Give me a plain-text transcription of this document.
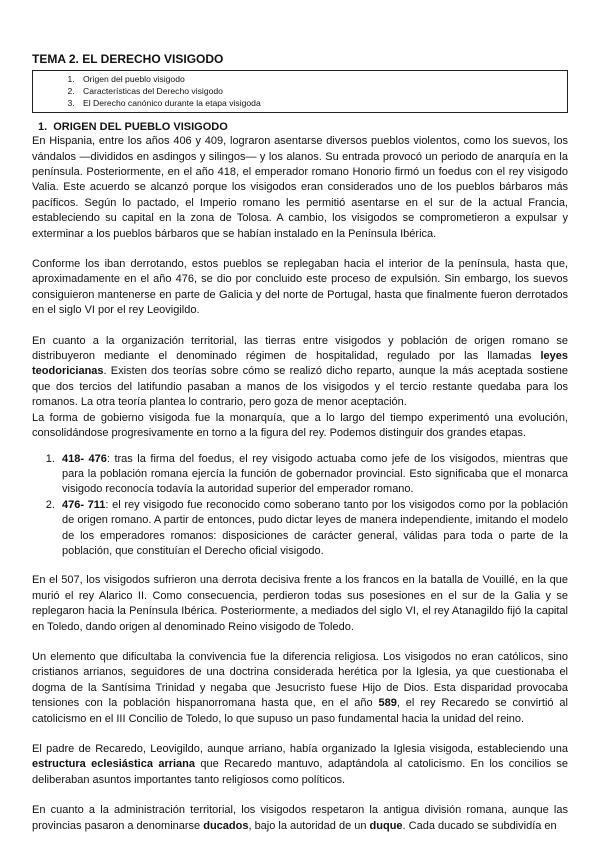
TEMA 2. EL DERECHO VISIGODO
1. Origen del pueblo visigodo
2. Características del Derecho visigodo
3. El Derecho canónico durante la etapa visigoda
1. ORIGEN DEL PUEBLO VISIGODO

En Hispania, entre los años 406 y 409, lograron asentarse diversos pueblos violentos, como los suevos, los vándalos —divididos en asdingos y silingos— y los alanos. Su entrada provocó un periodo de anarquía en la península. Posteriormente, en el año 418, el emperador romano Honorio firmó un foedus con el rey visigodo Valia. Este acuerdo se alcanzó porque los visigodos eran considerados uno de los pueblos bárbaros más pacíficos. Según lo pactado, el Imperio romano les permitió asentarse en el sur de la actual Francia, estableciendo su capital en la zona de Tolosa. A cambio, los visigodos se comprometieron a expulsar y exterminar a los pueblos bárbaros que se habían instalado en la Península Ibérica.

Conforme los iban derrotando, estos pueblos se replegaban hacia el interior de la península, hasta que, aproximadamente en el año 476, se dio por concluido este proceso de expulsión. Sin embargo, los suevos consiguieron mantenerse en parte de Galicia y del norte de Portugal, hasta que finalmente fueron derrotados en el siglo VI por el rey Leovigildo.

En cuanto a la organización territorial, las tierras entre visigodos y población de origen romano se distribuyeron mediante el denominado régimen de hospitalidad, regulado por las llamadas leyes teodoricianas. Existen dos teorías sobre cómo se realizó dicho reparto, aunque la más aceptada sostiene que dos tercios del latifundio pasaban a manos de los visigodos y el tercio restante quedaba para los romanos. La otra teoría plantea lo contrario, pero goza de menor aceptación.

La forma de gobierno visigoda fue la monarquía, que a lo largo del tiempo experimentó una evolución, consolidándose progresivamente en torno a la figura del rey. Podemos distinguir dos grandes etapas.

1. 418- 476: tras la firma del foedus, el rey visigodo actuaba como jefe de los visigodos, mientras que para la población romana ejercía la función de gobernador provincial. Esto significaba que el monarca visigodo reconocía todavía la autoridad superior del emperador romano.
2. 476- 711: el rey visigodo fue reconocido como soberano tanto por los visigodos como por la población de origen romano. A partir de entonces, pudo dictar leyes de manera independiente, imitando el modelo de los emperadores romanos: disposiciones de carácter general, válidas para toda o parte de la población, que constituían el Derecho oficial visigodo.

En el 507, los visigodos sufrieron una derrota decisiva frente a los francos en la batalla de Vouillé, en la que murió el rey Alarico II. Como consecuencia, perdieron todas sus posesiones en el sur de la Galia y se replegaron hacia la Península Ibérica. Posteriormente, a mediados del siglo VI, el rey Atanagildo fijó la capital en Toledo, dando origen al denominado Reino visigodo de Toledo.

Un elemento que dificultaba la convivencia fue la diferencia religiosa. Los visigodos no eran católicos, sino cristianos arrianos, seguidores de una doctrina considerada herética por la Iglesia, ya que cuestionaba el dogma de la Santísima Trinidad y negaba que Jesucristo fuese Hijo de Dios. Esta disparidad provocaba tensiones con la población hispanorromana hasta que, en el año 589, el rey Recaredo se convirtió al catolicismo en el III Concilio de Toledo, lo que supuso un paso fundamental hacia la unidad del reino.

El padre de Recaredo, Leovigildo, aunque arriano, había organizado la Iglesia visigoda, estableciendo una estructura eclesiástica arriana que Recaredo mantuvo, adaptándola al catolicismo. En los concilios se deliberaban asuntos importantes tanto religiosos como políticos.

En cuanto a la administración territorial, los visigodos respetaron la antigua división romana, aunque las provincias pasaron a denominarse ducados, bajo la autoridad de un duque. Cada ducado se subdividía en
